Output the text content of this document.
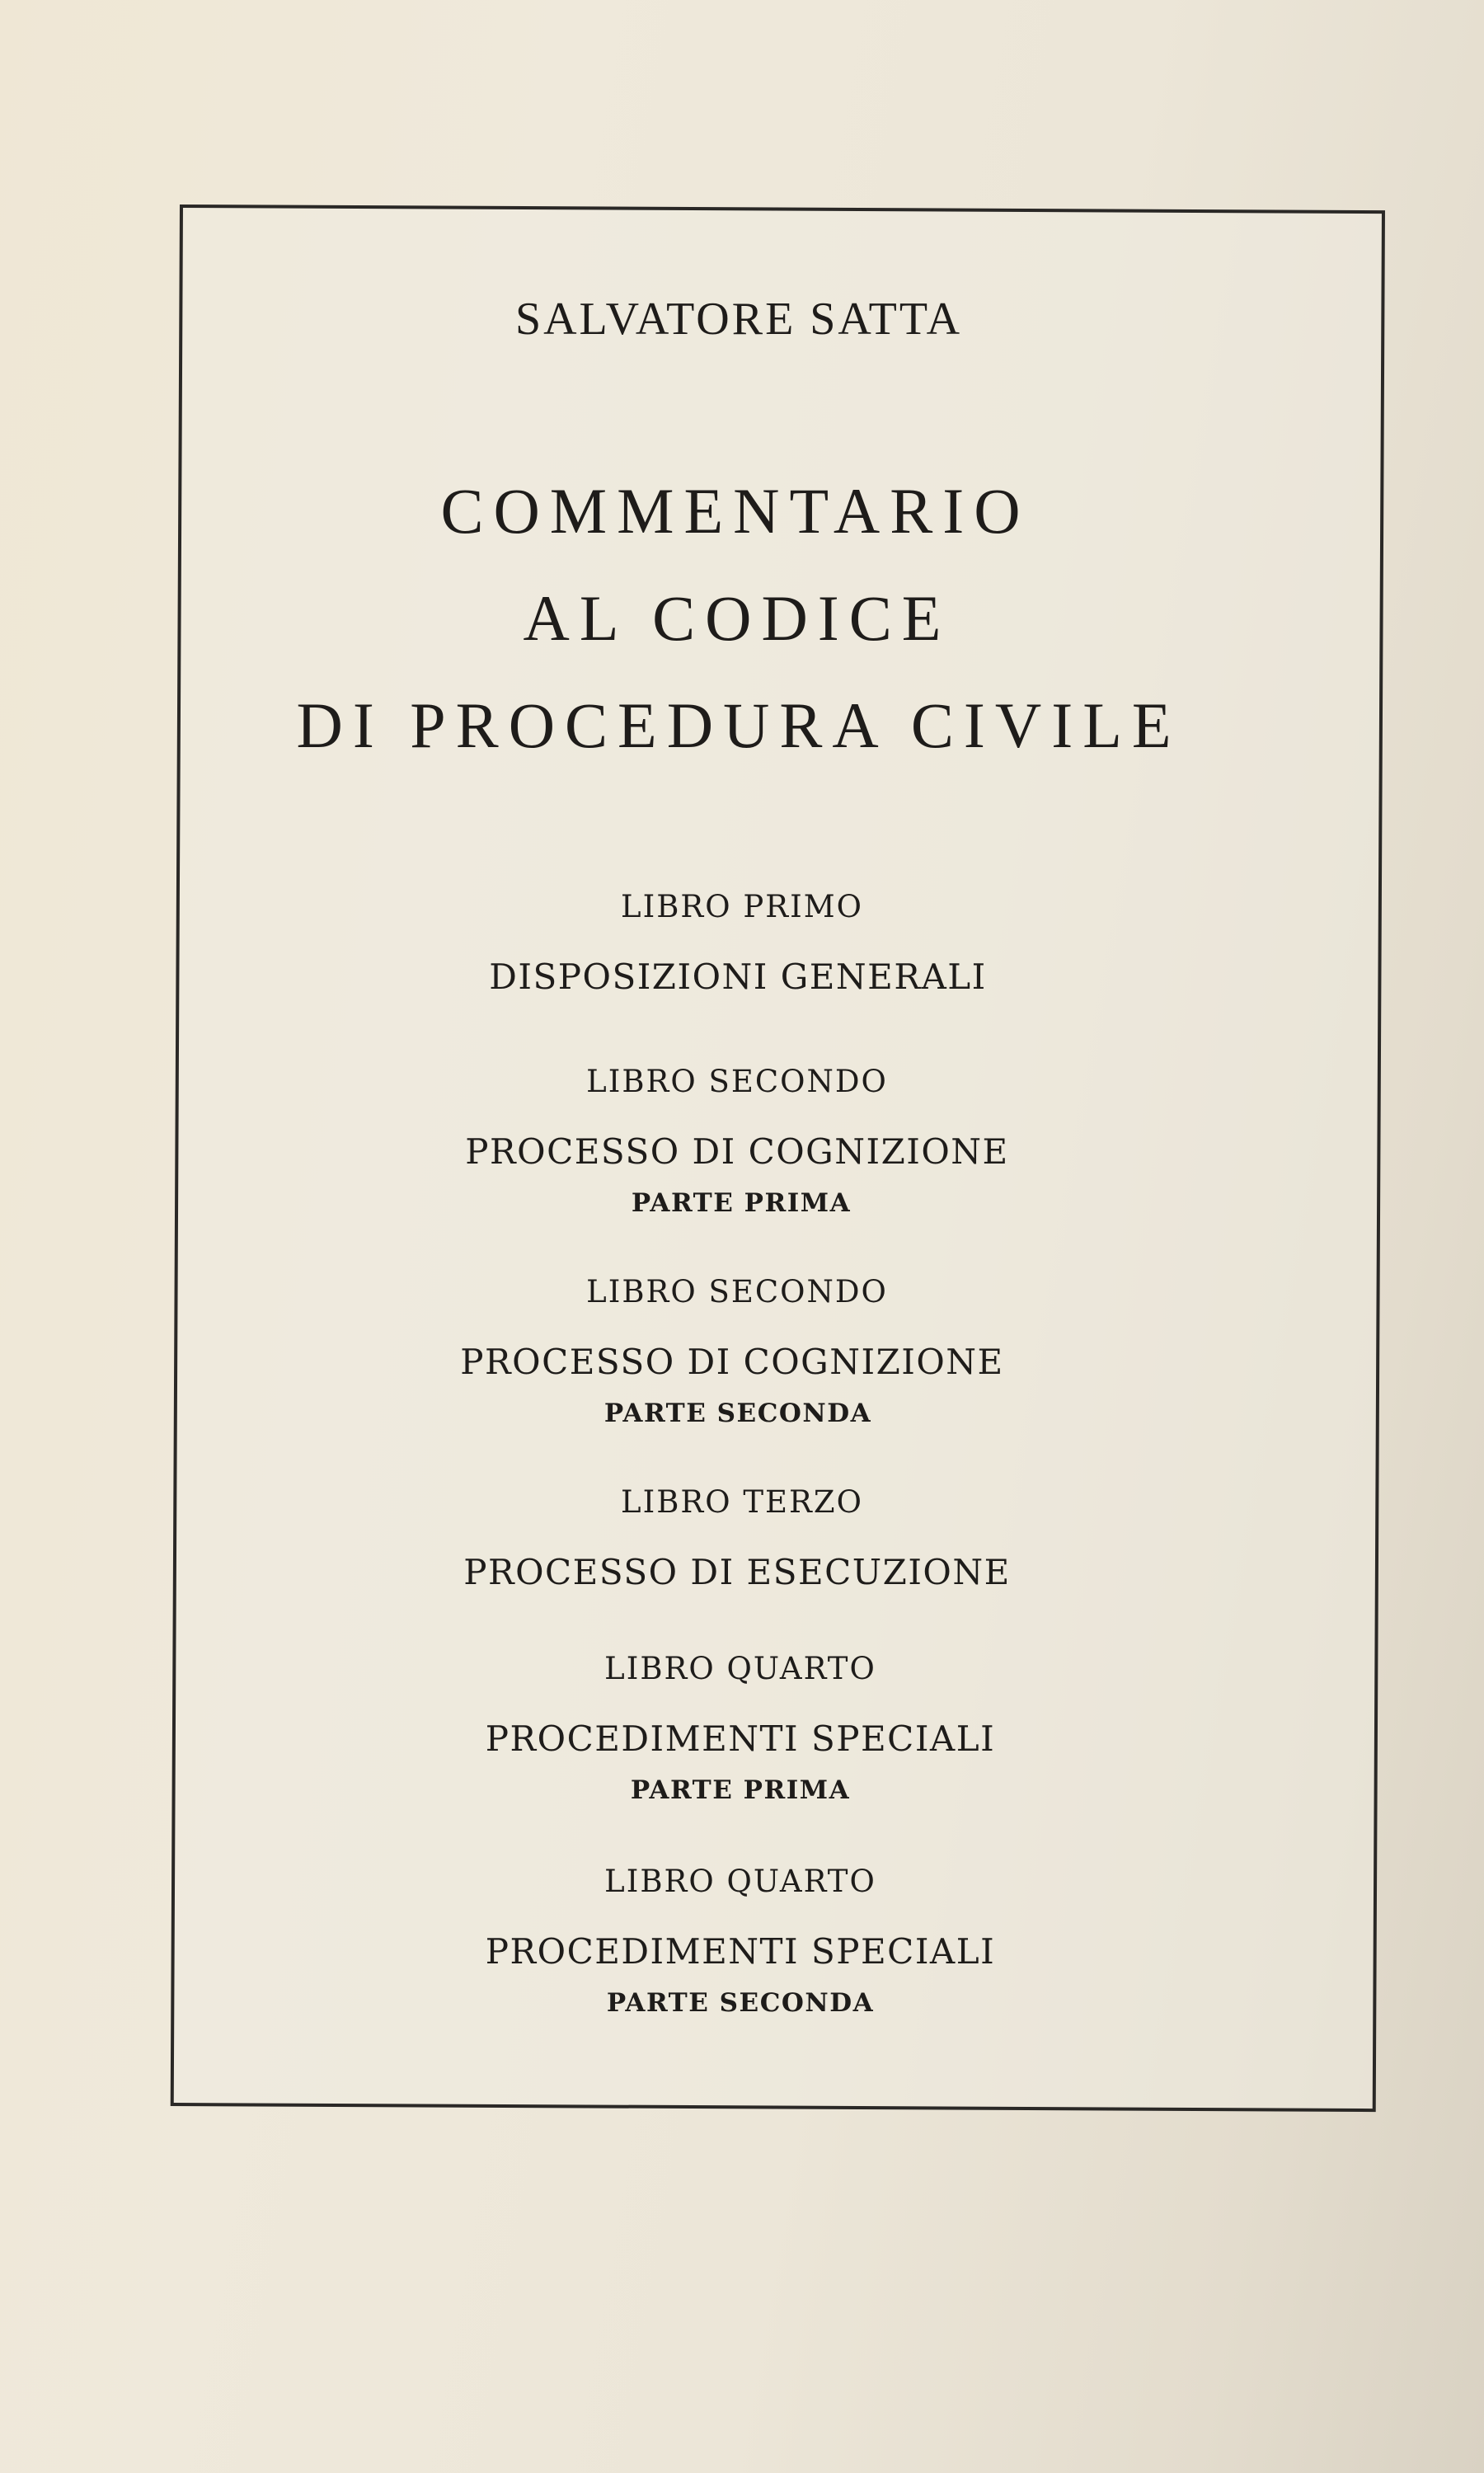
SALVATORE SATTA

COMMENTARIO

AL CODICE

DI PROCEDURA CIVILE

LIBRO PRIMO

DISPOSIZIONI GENERALI

LIBRO SECONDO

PROCESSO DI COGNIZIONE

PARTE PRIMA

LIBRO SECONDO

PROCESSO DI COGNIZIONE

PARTE SECONDA

LIBRO TERZO

PROCESSO DI ESECUZIONE

LIBRO QUARTO

PROCEDIMENTI SPECIALI

PARTE PRIMA

LIBRO QUARTO

PROCEDIMENTI SPECIALI

PARTE SECONDA
